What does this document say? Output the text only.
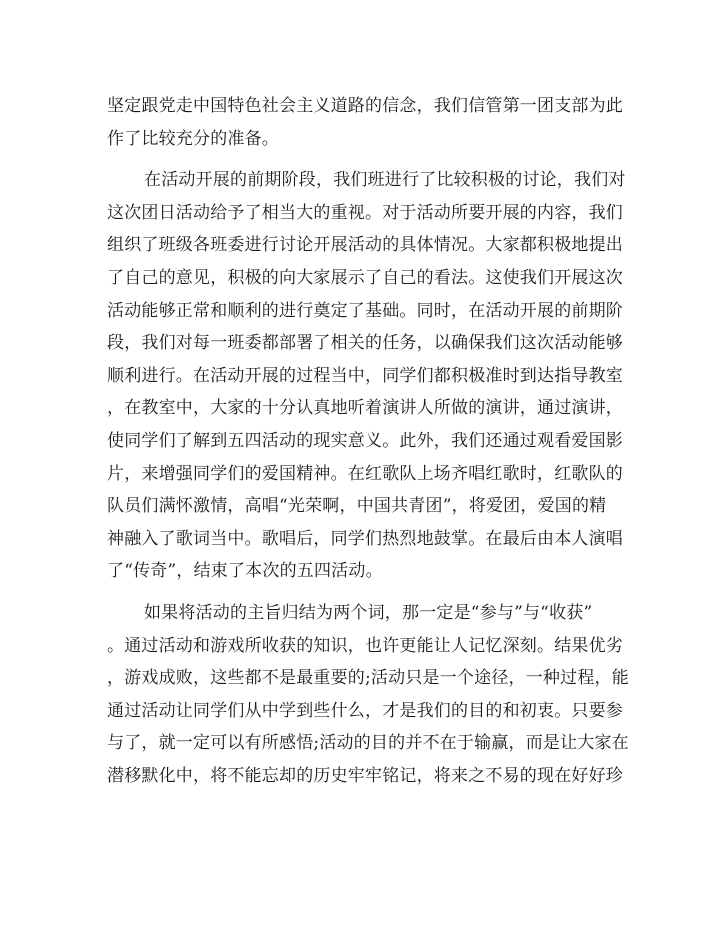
坚定跟党走中国特色社会主义道路的信念，我们信管第一团支部为此
作了比较充分的准备。
在活动开展的前期阶段，我们班进行了比较积极的讨论，我们对
这次团日活动给予了相当大的重视。对于活动所要开展的内容，我们
组织了班级各班委进行讨论开展活动的具体情况。大家都积极地提出
了自己的意见，积极的向大家展示了自己的看法。这使我们开展这次
活动能够正常和顺利的进行奠定了基础。同时，在活动开展的前期阶
段，我们对每一班委都部署了相关的任务，以确保我们这次活动能够
顺利进行。在活动开展的过程当中，同学们都积极准时到达指导教室
，在教室中，大家的十分认真地听着演讲人所做的演讲，通过演讲，
使同学们了解到五四活动的现实意义。此外，我们还通过观看爱国影
片，来增强同学们的爱国精神。在红歌队上场齐唱红歌时，红歌队的
队员们满怀激情，高唱“光荣啊，中国共青团”，将爱团，爱国的精
神融入了歌词当中。歌唱后，同学们热烈地鼓掌。在最后由本人演唱
了“传奇”，结束了本次的五四活动。
如果将活动的主旨归结为两个词，那一定是“参与”与“收获”
。通过活动和游戏所收获的知识，也许更能让人记忆深刻。结果优劣
，游戏成败，这些都不是最重要的;活动只是一个途径，一种过程，能
通过活动让同学们从中学到些什么，才是我们的目的和初衷。只要参
与了，就一定可以有所感悟;活动的目的并不在于输赢，而是让大家在
潜移默化中，将不能忘却的历史牢牢铭记，将来之不易的现在好好珍
